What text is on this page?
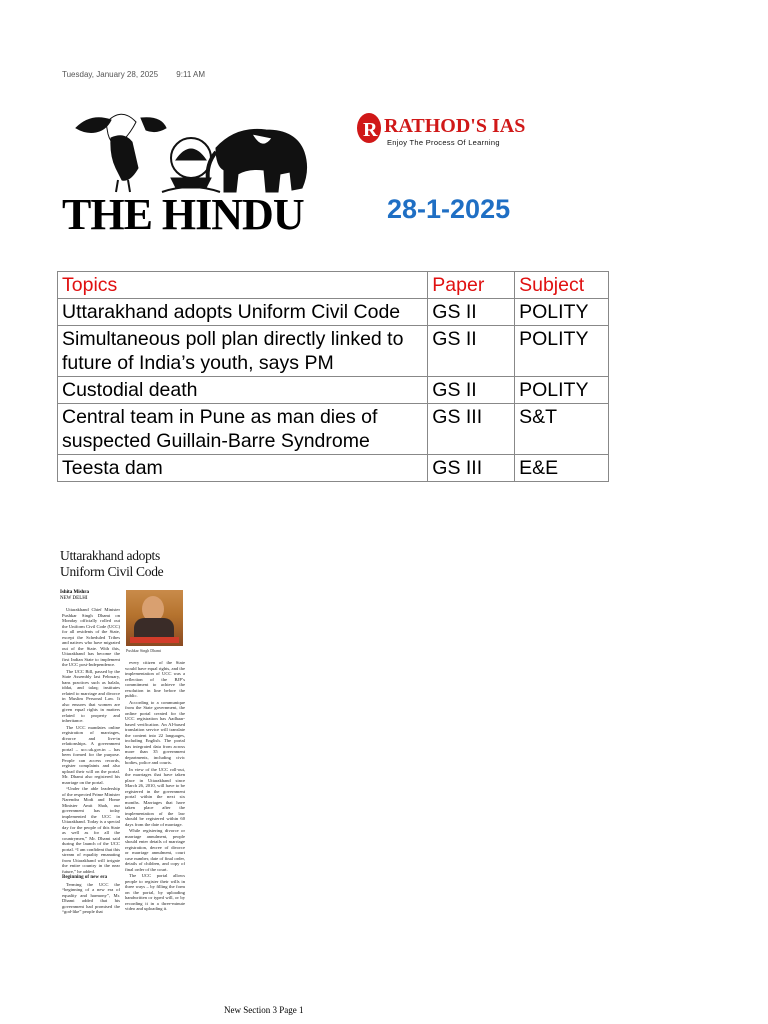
Tuesday, January 28, 2025 9:11 AM
THE HINDU
R RATHOD'S IAS
Enjoy The Process Of Learning
28-1-2025
Topics	Paper	Subject
Uttarakhand adopts Uniform Civil Code	GS II	POLITY
Simultaneous poll plan directly linked to future of India’s youth, says PM	GS II	POLITY
Custodial death	GS II	POLITY
Central team in Pune as man dies of suspected Guillain-Barre Syndrome	GS III	S&T
Teesta dam	GS III	E&E
Uttarakhand adopts Uniform Civil Code
Ishita Mishra
NEW DELHI

Uttarakhand Chief Minister Pushkar Singh Dhami on Monday officially rolled out the Uniform Civil Code (UCC) for all residents of the State, except the Scheduled Tribes and natives who have migrated out of the State. With this, Uttarakhand has become the first Indian State to implement the UCC post-Independence.

The UCC Bill, passed by the State Assembly last February, bans practices such as halala, iddat, and talaq; institutes related to marriage and divorce in Muslim Personal Law. It also ensures that women are given equal rights in matters related to property and inheritance.

The UCC mandates online registration of marriages, divorce and live-in relationships. A government portal – ucc.uk.gov.in – has been formed for the purpose. People can access records, register complaints and also upload their will on the portal. Mr. Dhami also registered his marriage on the portal.

“Under the able leadership of the respected Prime Minister Narendra Modi and Home Minister Amit Shah, our government has today implemented the UCC in Uttarakhand. Today is a special day for the people of this State as well as for all the countrymen,” Mr. Dhami said during the launch of the UCC portal. “I am confident that this stream of equality emanating from Uttarakhand will irrigate the entire country in the near future,” he added.

Beginning of new era

Terming the UCC the “beginning of a new era of equality and harmony”, Mr. Dhami added that his government had promised the “god-like” people that

Pushkar Singh Dhami

every citizen of the State would have equal rights, and the implementation of UCC was a reflection of the BJP’s commitment to achieve the resolution in line before the public.

According to a communique from the State government, the online portal created for the UCC registration has Aadhaar-based verification. An AI-based translation service will translate the content into 22 languages, including English. The portal has integrated data from across more than 35 government departments, including civic bodies, police and courts.

In view of the UCC roll-out, the marriages that have taken place in Uttarakhand since March 26, 2010, will have to be registered in the government portal within the next six months. Marriages that have taken place after the implementation of the law should be registered within 60 days from the date of marriage.

While registering divorce or marriage annulment, people should enter details of marriage registration, decree of divorce or marriage annulment, court case number, date of final order, details of children, and copy of final order of the court.

The UCC portal allows people to register their wills in three ways – by filling the form on the portal, by uploading handwritten or typed will, or by recording it in a three-minute video and uploading it.

New Section 3 Page 1
